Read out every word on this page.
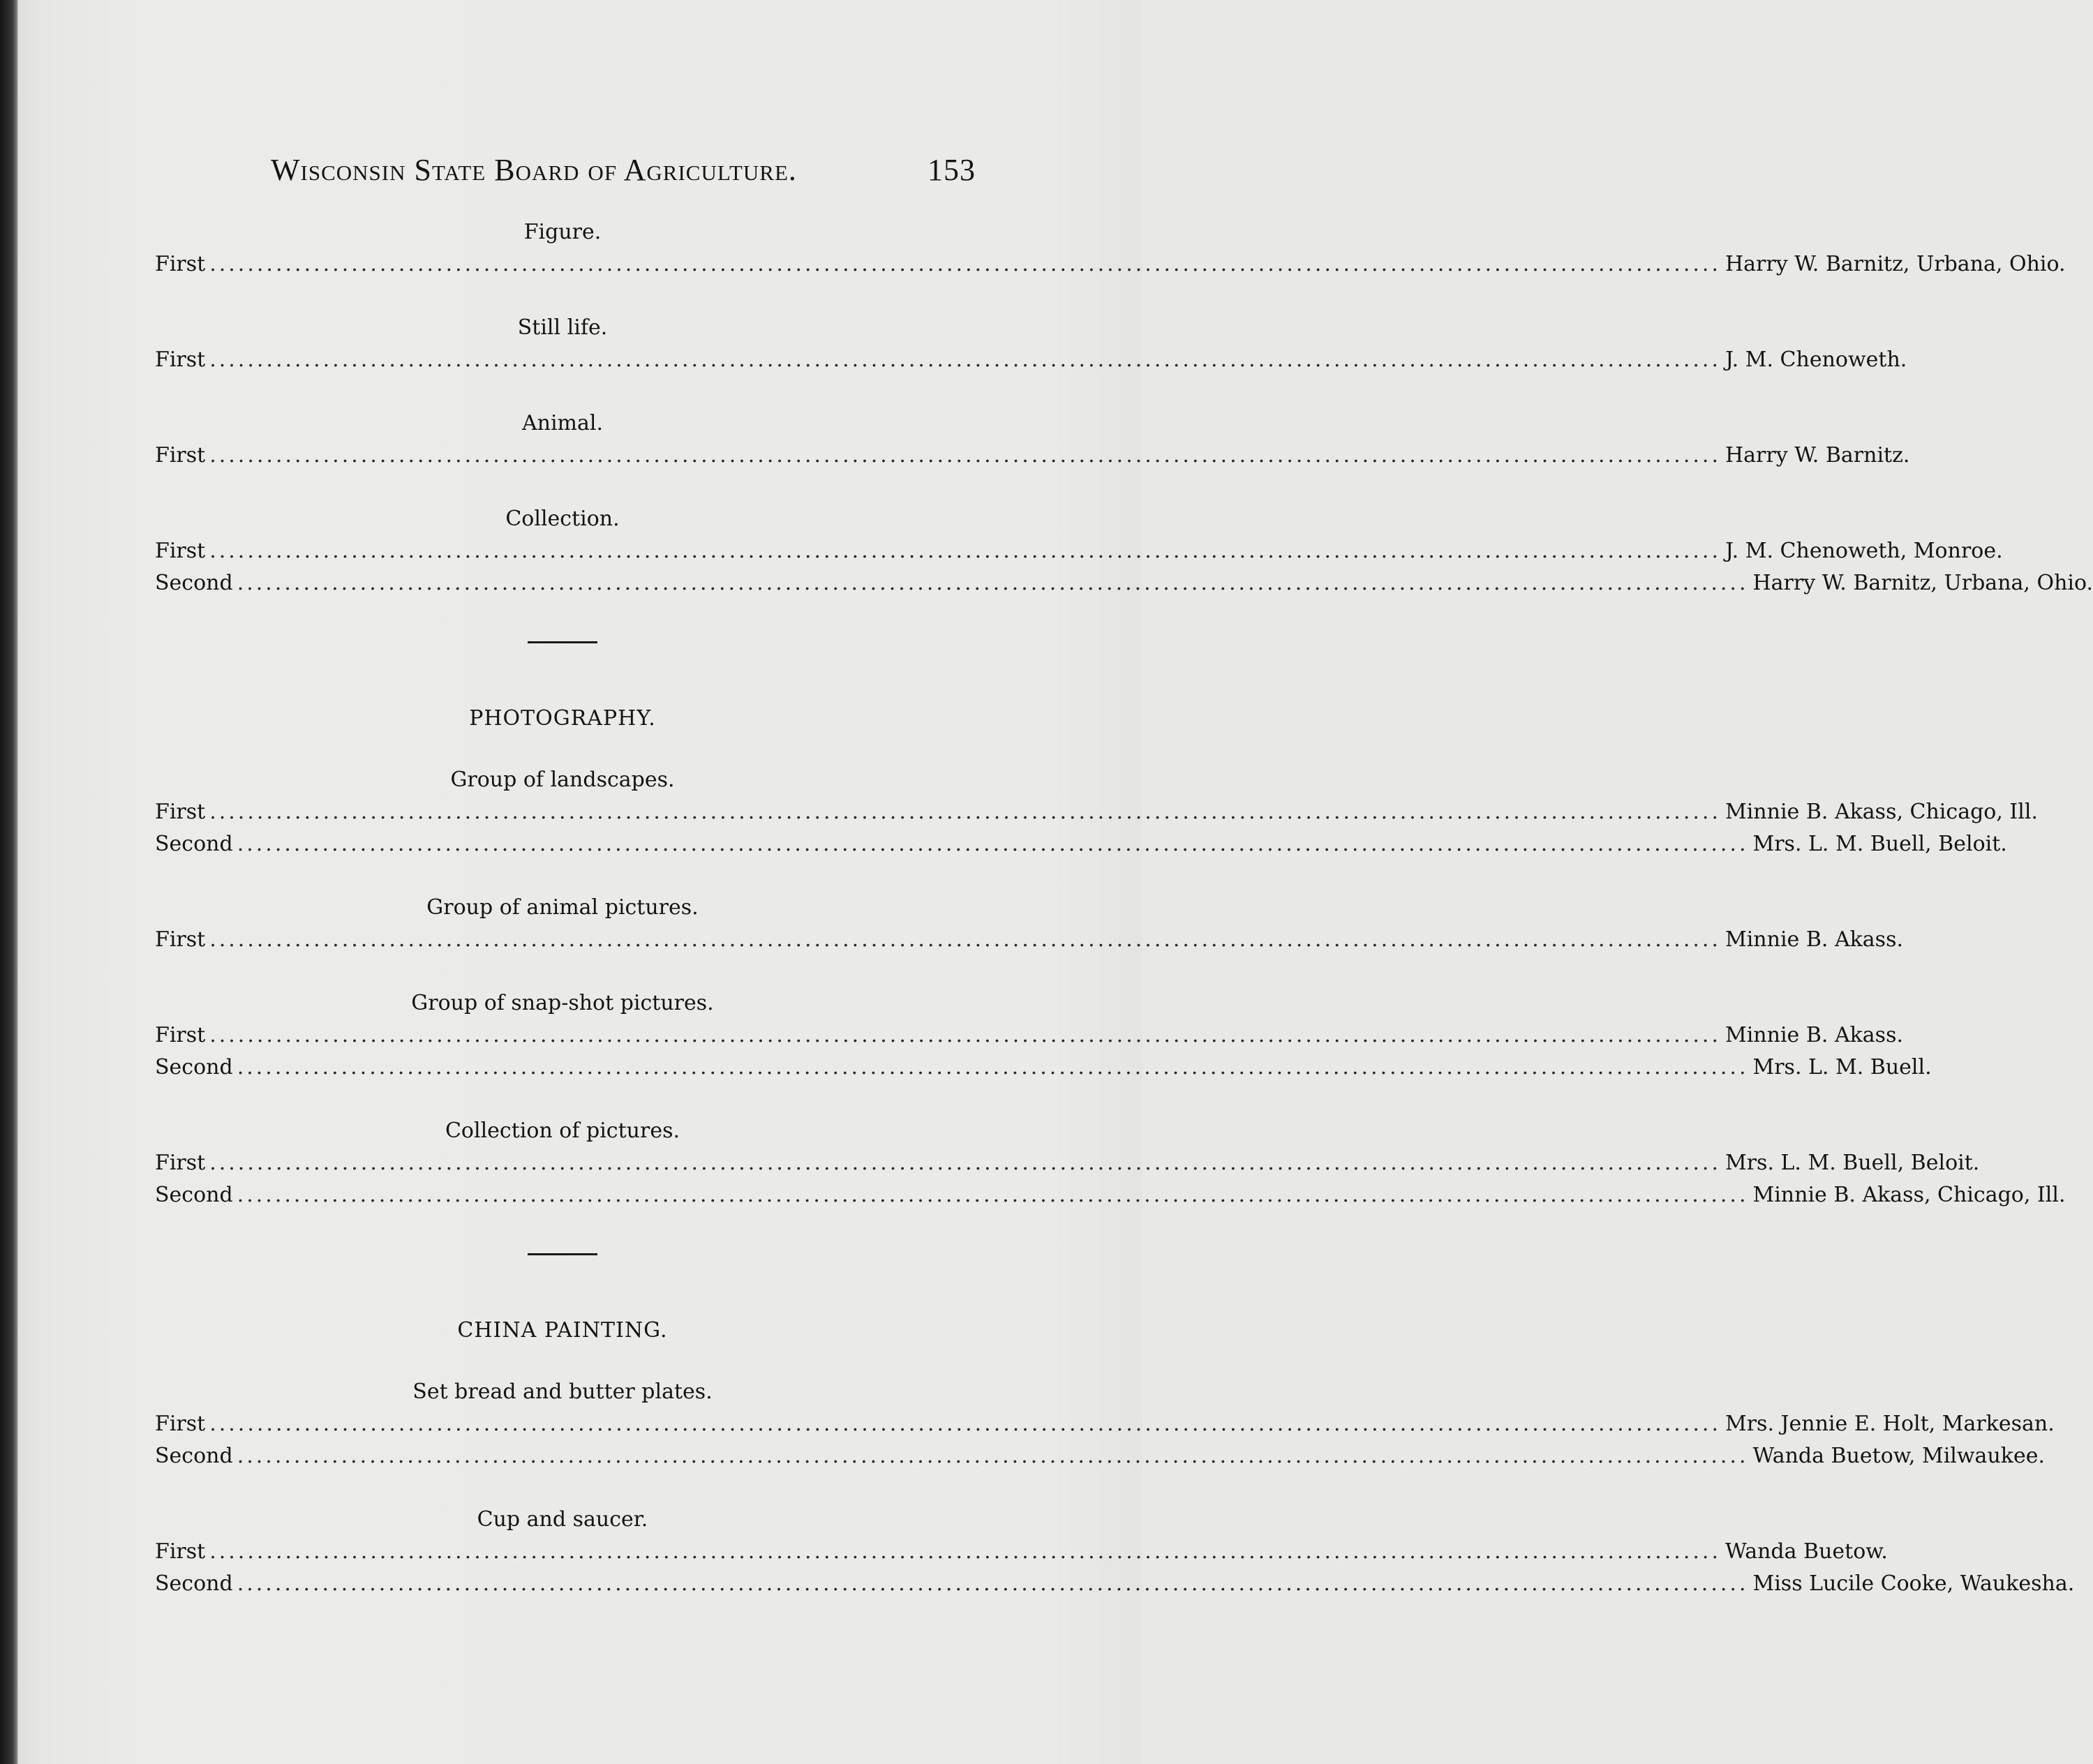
Wisconsin State Board of Agriculture.	153
Figure.
First ................................................................................................................................................................ Harry W. Barnitz, Urbana, Ohio.
Still life.
First ................................................................................................................................................................ J. M. Chenoweth.
Animal.
First ................................................................................................................................................................ Harry W. Barnitz.
Collection.
First ................................................................................................................................................................ J. M. Chenoweth, Monroe.
Second ................................................................................................................................................................ Harry W. Barnitz, Urbana, Ohio.
PHOTOGRAPHY.
Group of landscapes.
First ................................................................................................................................................................ Minnie B. Akass, Chicago, Ill.
Second ................................................................................................................................................................ Mrs. L. M. Buell, Beloit.
Group of animal pictures.
First ................................................................................................................................................................ Minnie B. Akass.
Group of snap-shot pictures.
First ................................................................................................................................................................ Minnie B. Akass.
Second ................................................................................................................................................................ Mrs. L. M. Buell.
Collection of pictures.
First ................................................................................................................................................................ Mrs. L. M. Buell, Beloit.
Second ................................................................................................................................................................ Minnie B. Akass, Chicago, Ill.
CHINA PAINTING.
Set bread and butter plates.
First ................................................................................................................................................................ Mrs. Jennie E. Holt, Markesan.
Second ................................................................................................................................................................ Wanda Buetow, Milwaukee.
Cup and saucer.
First ................................................................................................................................................................ Wanda Buetow.
Second ................................................................................................................................................................ Miss Lucile Cooke, Waukesha.
